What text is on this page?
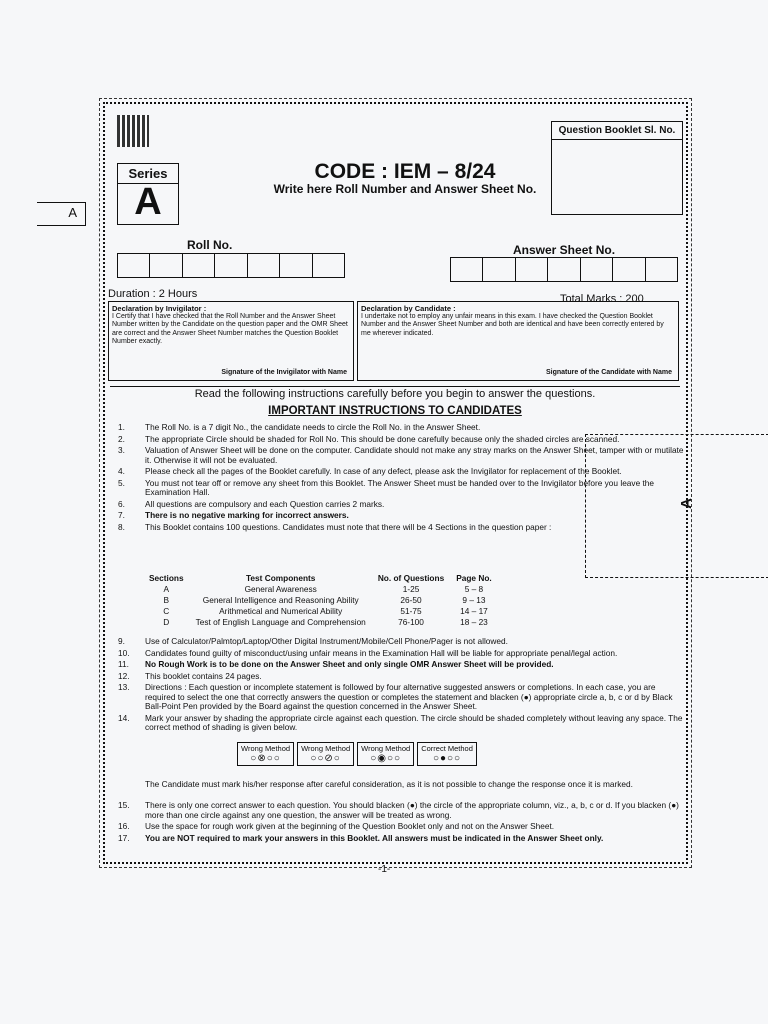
Question Booklet Sl. No.
Series
A
CODE : IEM – 8/24
Write here Roll Number and Answer Sheet No.
A
Roll No.	Answer Sheet No.
Duration : 2 Hours	Total Marks : 200
Declaration by Invigilator :
I Certify that I have checked that the Roll Number and the Answer Sheet Number written by the Candidate on the question paper and the OMR Sheet are correct and the Answer Sheet Number matches the Question Booklet Number exactly.
Signature of the Invigilator with Name
Declaration by Candidate :
I undertake not to employ any unfair means in this exam. I have checked the Question Booklet Number and the Answer Sheet Number and both are identical and have been correctly entered by me wherever indicated.
Signature of the Candidate with Name
Read the following instructions carefully before you begin to answer the questions.
IMPORTANT INSTRUCTIONS TO CANDIDATES
1.	The Roll No. is a 7 digit No., the candidate needs to circle the Roll No. in the Answer Sheet.
2.	The appropriate Circle should be shaded for Roll No. This should be done carefully because only the shaded circles are scanned.
3.	Valuation of Answer Sheet will be done on the computer. Candidate should not make any stray marks on the Answer Sheet, tamper with or mutilate it. Otherwise it will not be evaluated.
4.	Please check all the pages of the Booklet carefully. In case of any defect, please ask the Invigilator for replacement of the Booklet.
5.	You must not tear off or remove any sheet from this Booklet. The Answer Sheet must be handed over to the Invigilator before you leave the Examination Hall.
6.	All questions are compulsory and each Question carries 2 marks.
7.	There is no negative marking for incorrect answers.
8.	This Booklet contains 100 questions. Candidates must note that there will be 4 Sections in the question paper :
Sections	Test Components	No. of Questions	Page No.
A	General Awareness	1-25	5 – 8
B	General Intelligence and Reasoning Ability	26-50	9 – 13
C	Arithmetical and Numerical Ability	51-75	14 – 17
D	Test of English Language and Comprehension	76-100	18 – 23
9.	Use of Calculator/Palmtop/Laptop/Other Digital Instrument/Mobile/Cell Phone/Pager is not allowed.
10.	Candidates found guilty of misconduct/using unfair means in the Examination Hall will be liable for appropriate penal/legal action.
11.	No Rough Work is to be done on the Answer Sheet and only single OMR Answer Sheet will be provided.
12.	This booklet contains 24 pages.
13.	Directions : Each question or incomplete statement is followed by four alternative suggested answers or completions. In each case, you are required to select the one that correctly answers the question or completes the statement and blacken (●) appropriate circle a, b, c or d by Black Ball-Point Pen provided by the Board against the question concerned in the Answer Sheet.
14.	Mark your answer by shading the appropriate circle against each question. The circle should be shaded completely without leaving any space. The correct method of shading is given below.
Wrong Method
○⊗○○
Wrong Method
○○⊘○
Wrong Method
○◉○○
Correct Method
○●○○
The Candidate must mark his/her response after careful consideration, as it is not possible to change the response once it is marked.
15.	There is only one correct answer to each question. You should blacken (●) the circle of the appropriate column, viz., a, b, c or d. If you blacken (●) more than one circle against any one question, the answer will be treated as wrong.
16.	Use the space for rough work given at the beginning of the Question Booklet only and not on the Answer Sheet.
17.	You are NOT required to mark your answers in this Booklet. All answers must be indicated in the Answer Sheet only.
-1-
A
